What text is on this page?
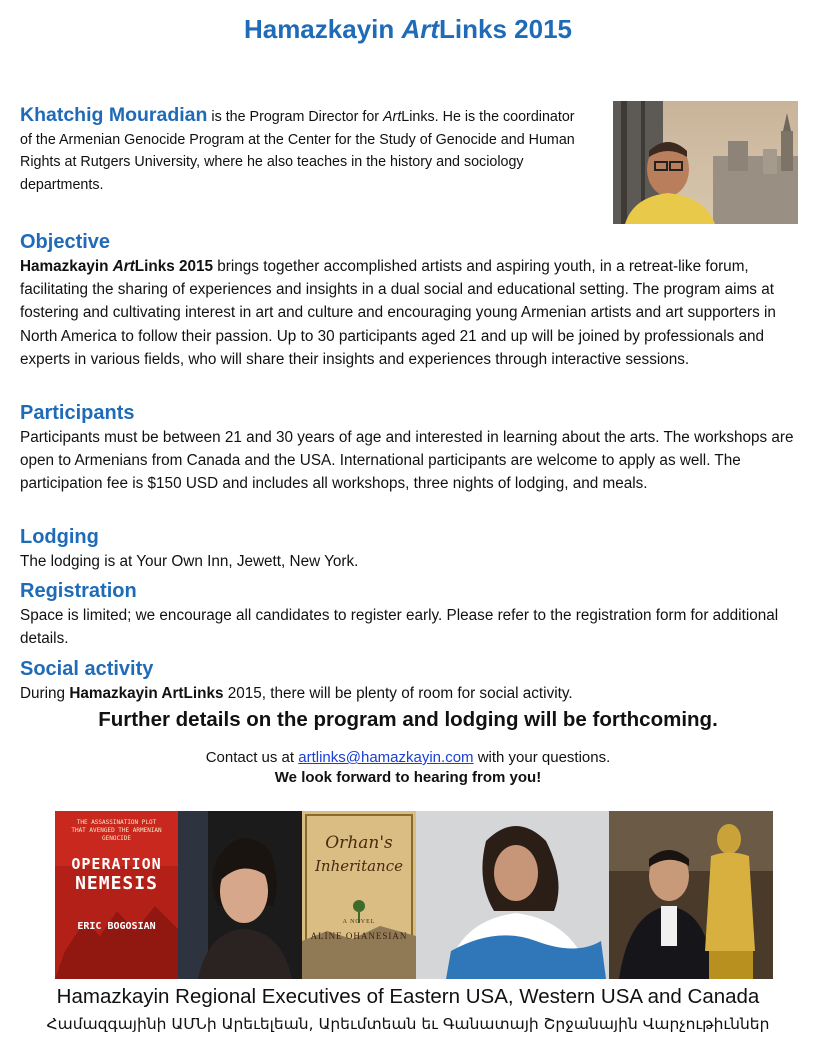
Hamazkayin ArtLinks 2015
Khatchig Mouradian is the Program Director for ArtLinks. He is the coordinator of the Armenian Genocide Program at the Center for the Study of Genocide and Human Rights at Rutgers University, where he also teaches in the history and sociology departments.
Objective
Hamazkayin ArtLinks 2015 brings together accomplished artists and aspiring youth, in a retreat-like forum, facilitating the sharing of experiences and insights in a dual social and educational setting. The program aims at fostering and cultivating interest in art and culture and encouraging young Armenian artists and art supporters in North America to follow their passion. Up to 30 participants aged 21 and up will be joined by professionals and experts in various fields, who will share their insights and experiences through interactive sessions.
Participants
Participants must be between 21 and 30 years of age and interested in learning about the arts. The workshops are open to Armenians from Canada and the USA. International participants are welcome to apply as well. The participation fee is $150 USD and includes all workshops, three nights of lodging, and meals.
Lodging
The lodging is at Your Own Inn, Jewett, New York.
Registration
Space is limited; we encourage all candidates to register early. Please refer to the registration form for additional details.
Social activity
During Hamazkayin ArtLinks 2015, there will be plenty of room for social activity.
Further details on the program and lodging will be forthcoming.
Contact us at artlinks@hamazkayin.com with your questions.
We look forward to hearing from you!
THE ASSASSINATION PLOT THAT AVENGED THE ARMENIAN GENOCIDE
OPERATION
NEMESIS
ERIC BOGOSIAN
Orhan's
Inheritance
A NOVEL
ALINE OHANESIAN
Hamazkayin Regional Executives of Eastern USA, Western USA and Canada
Համազգայինի ԱՄՆի Արեւելեան, Արեւմտեան եւ Գանատայի Շրջանային Վարչութիւններ
